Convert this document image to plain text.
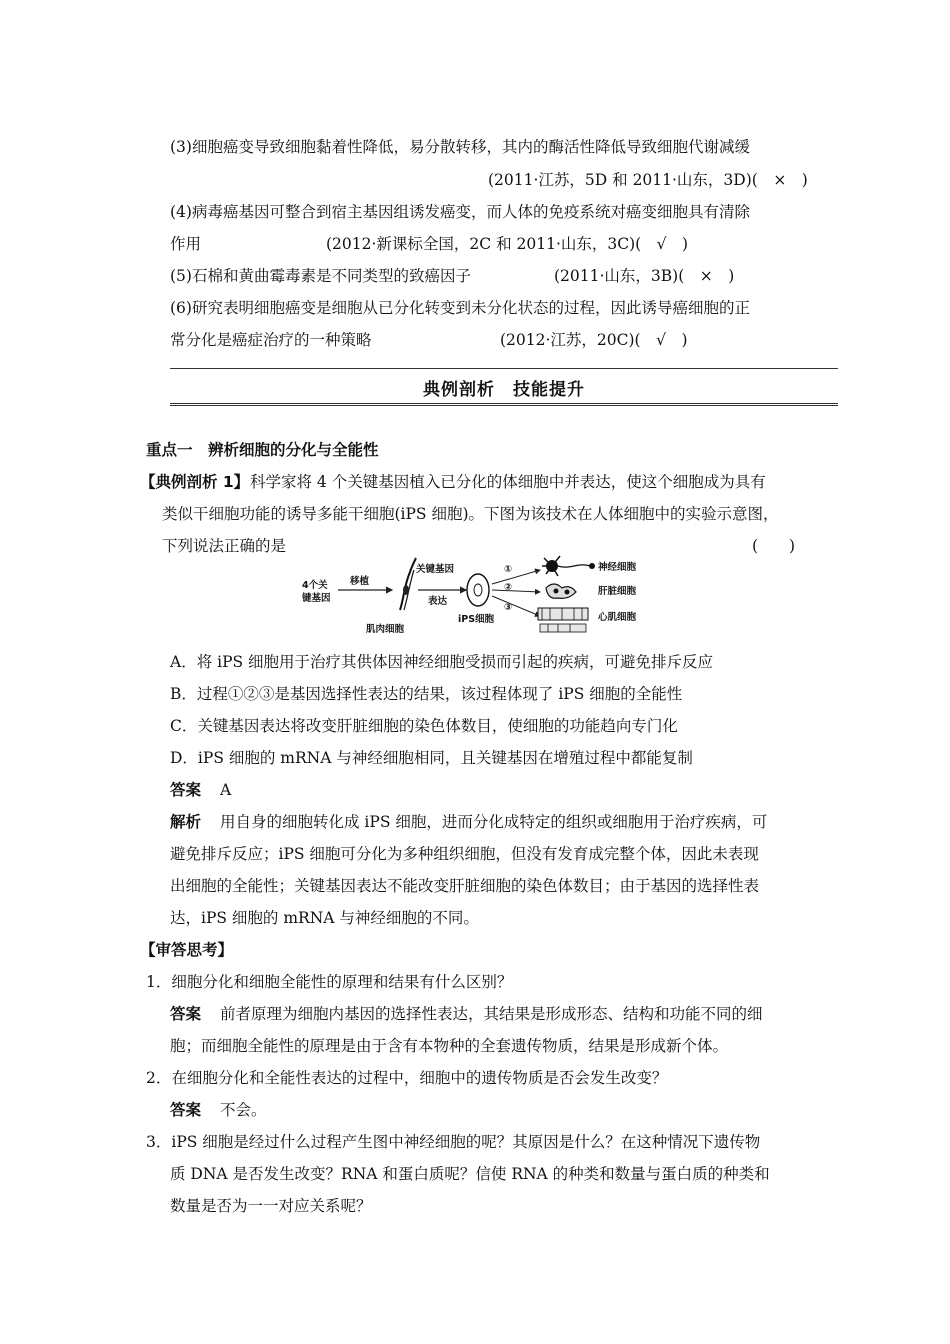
(3)细胞癌变导致细胞黏着性降低，易分散转移，其内的酶活性降低导致细胞代谢减缓
(2011·江苏，5D 和 2011·山东，3D)(　×　)
(4)病毒癌基因可整合到宿主基因组诱发癌变，而人体的免疫系统对癌变细胞具有清除
作用	(2012·新课标全国，2C 和 2011·山东，3C)(　√　)
(5)石棉和黄曲霉毒素是不同类型的致癌因子	(2011·山东，3B)(　×　)
(6)研究表明细胞癌变是细胞从已分化转变到未分化状态的过程，因此诱导癌细胞的正
常分化是癌症治疗的一种策略	(2012·江苏，20C)(　√　)
典例剖析　技能提升
重点一　辨析细胞的分化与全能性
【典例剖析 1】 科学家将 4 个关键基因植入已分化的体细胞中并表达，使这个细胞成为具有
类似干细胞功能的诱导多能干细胞(iPS 细胞)。下图为该技术在人体细胞中的实验示意图，
下列说法正确的是	(　　)
4个关
键基因
移植
肌肉细胞
关键基因
表达
iPS细胞
①
②
③
神经细胞
肝脏细胞
心肌细胞
A．将 iPS 细胞用于治疗其供体因神经细胞受损而引起的疾病，可避免排斥反应
B．过程①②③是基因选择性表达的结果，该过程体现了 iPS 细胞的全能性
C．关键基因表达将改变肝脏细胞的染色体数目，使细胞的功能趋向专门化
D．iPS 细胞的 mRNA 与神经细胞相同，且关键基因在增殖过程中都能复制
答案 A
解析 用自身的细胞转化成 iPS 细胞，进而分化成特定的组织或细胞用于治疗疾病，可
避免排斥反应；iPS 细胞可分化为多种组织细胞，但没有发育成完整个体，因此未表现
出细胞的全能性；关键基因表达不能改变肝脏细胞的染色体数目；由于基因的选择性表
达，iPS 细胞的 mRNA 与神经细胞的不同。
【审答思考】
1．细胞分化和细胞全能性的原理和结果有什么区别？
答案 前者原理为细胞内基因的选择性表达，其结果是形成形态、结构和功能不同的细
胞；而细胞全能性的原理是由于含有本物种的全套遗传物质，结果是形成新个体。
2．在细胞分化和全能性表达的过程中，细胞中的遗传物质是否会发生改变？
答案 不会。
3．iPS 细胞是经过什么过程产生图中神经细胞的呢？其原因是什么？在这种情况下遗传物
质 DNA 是否发生改变？RNA 和蛋白质呢？信使 RNA 的种类和数量与蛋白质的种类和
数量是否为一一对应关系呢？
